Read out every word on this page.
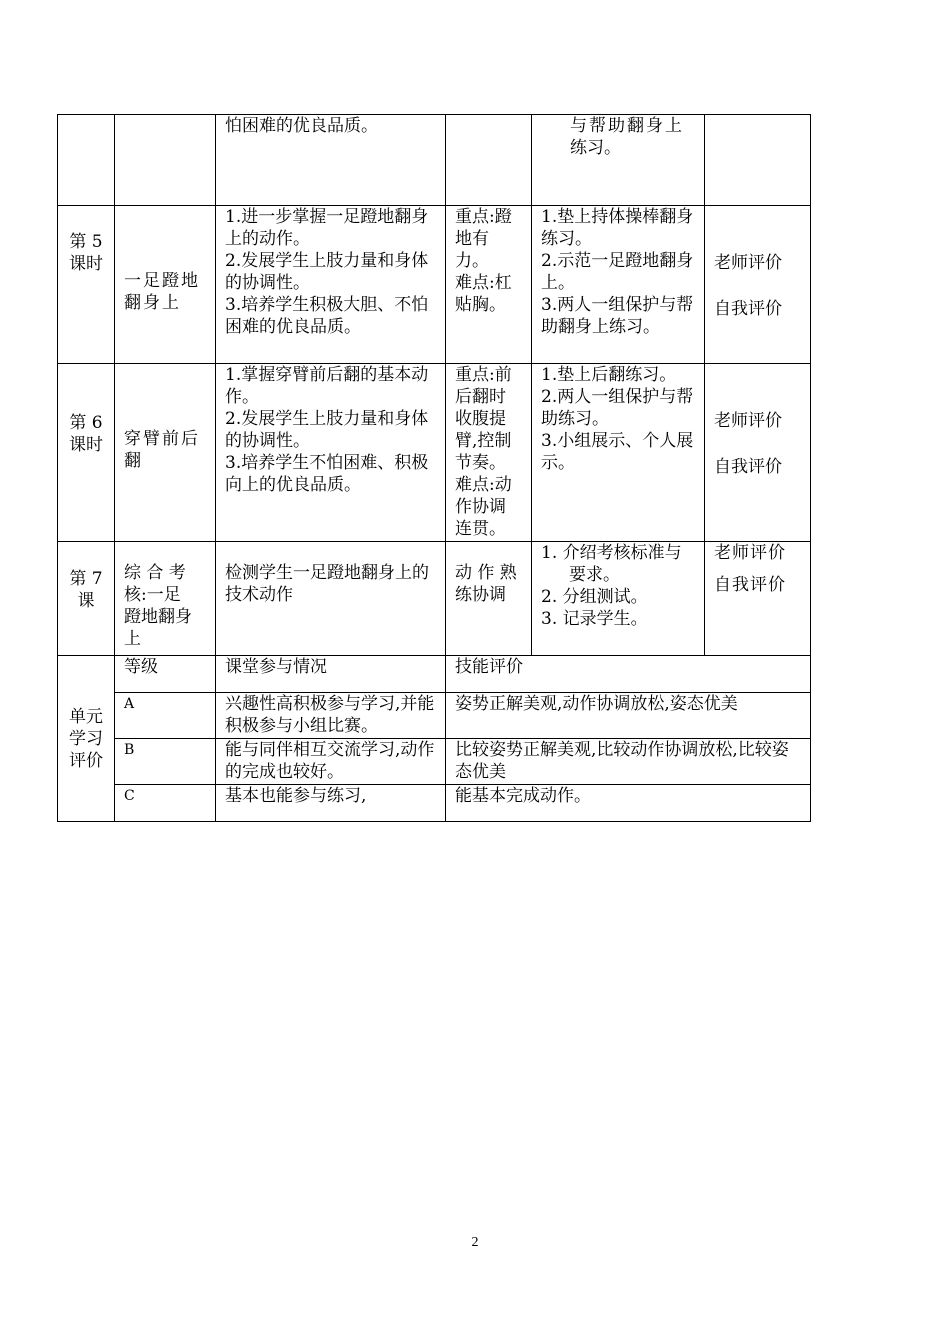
		怕困难的优良品质。		与帮助翻身上
练习。	

第 5
课时	一足蹬地
翻身上	1.进一步掌握一足蹬地翻身上的动作。
2.发展学生上肢力量和身体的协调性。
3.培养学生积极大胆、不怕困难的优良品质。	重点:蹬地有力。
难点:杠贴胸。	1.垫上持体操棒翻身练习。
2.示范一足蹬地翻身上。
3.两人一组保护与帮助翻身上练习。	老师评价
自我评价

第 6
课时	穿臂前后
翻	1.掌握穿臂前后翻的基本动作。
2.发展学生上肢力量和身体的协调性。
3.培养学生不怕困难、积极向上的优良品质。	重点:前后翻时收腹提臂,控制节奏。
难点:动作协调连贯。	1.垫上后翻练习。
2.两人一组保护与帮助练习。
3.小组展示、个人展示。	老师评价
自我评价

第 7
课	综 合 考
核:一足
蹬地翻身
上	检测学生一足蹬地翻身上的技术动作	动 作 熟
练协调	1. 介绍考核标准与要求。
2. 分组测试。
3. 记录学生。	老师评价
自我评价

单元
学习
评价	等级	课堂参与情况	技能评价		
	A	兴趣性高积极参与学习,并能积极参与小组比赛。	姿势正解美观,动作协调放松,姿态优美		
	B	能与同伴相互交流学习,动作的完成也较好。	比较姿势正解美观,比较动作协调放松,比较姿态优美		
	C	基本也能参与练习,	能基本完成动作。		
2
